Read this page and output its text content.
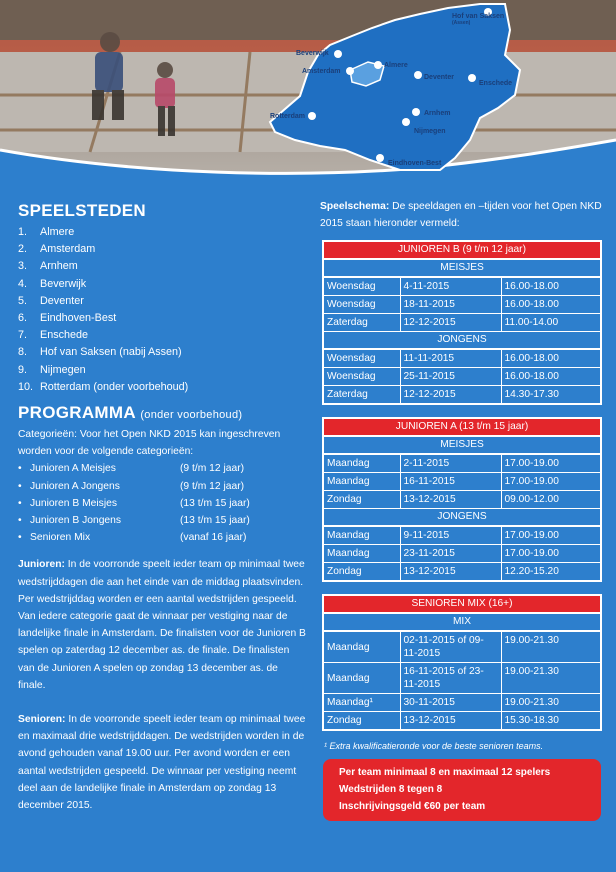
Hof van Saksen
(Assen)
Beverwijk
Almere
Amsterdam
Deventer
Enschede
Rotterdam	Arnhem
Nijmegen
Eindhoven-Best
SPEELSTEDEN
1.	Almere
2.	Amsterdam
3.	Arnhem
4.	Beverwijk
5.	Deventer
6.	Eindhoven-Best
7.	Enschede
8.	Hof van Saksen (nabij Assen)
9.	Nijmegen
10. Rotterdam (onder voorbehoud)
PROGRAMMA (onder voorbehoud)
Categorieën: Voor het Open NKD 2015 kan ingeschreven worden voor de volgende categorieën:
• Junioren A Meisjes	(9 t/m 12 jaar)
• Junioren A Jongens	(9 t/m 12 jaar)
• Junioren B Meisjes	(13 t/m 15 jaar)
• Junioren B Jongens	(13 t/m 15 jaar)
• Senioren Mix	(vanaf 16 jaar)

Junioren: In de voorronde speelt ieder team op minimaal twee wedstrijddagen die aan het einde van de middag plaatsvinden. Per wedstrijddag worden er een aantal wedstrijden gespeeld. Van iedere categorie gaat de winnaar per vestiging naar de landelijke finale in Amsterdam. De finalisten voor de Junioren B spelen op zaterdag 12 december as. de finale. De finalisten van de Junioren A spelen op zondag 13 december as. de finale.

Senioren: In de voorronde speelt ieder team op minimaal twee en maximaal drie wedstrijddagen. De wedstrijden worden in de avond gehouden vanaf 19.00 uur. Per avond worden er een aantal wedstrijden gespeeld. De winnaar per vestiging neemt deel aan de landelijke finale in Amsterdam op zondag 13 december 2015.

Speelschema: De speeldagen en –tijden voor het Open NKD 2015 staan hieronder vermeld:

JUNIOREN B (9 t/m 12 jaar)
MEISJES
Woensdag	4-11-2015	16.00-18.00
Woensdag	18-11-2015	16.00-18.00
Zaterdag	12-12-2015	11.00-14.00
JONGENS
Woensdag	11-11-2015	16.00-18.00
Woensdag	25-11-2015	16.00-18.00
Zaterdag	12-12-2015	14.30-17.30
JUNIOREN A (13 t/m 15 jaar)
MEISJES
Maandag	2-11-2015	17.00-19.00
Maandag	16-11-2015	17.00-19.00
Zondag	13-12-2015	09.00-12.00
JONGENS
Maandag	9-11-2015	17.00-19.00
Maandag	23-11-2015	17.00-19.00
Zondag	13-12-2015	12.20-15.20
SENIOREN MIX (16+)
MIX
Maandag	02-11-2015 of 09-11-2015	19.00-21.30
Maandag	16-11-2015 of 23-11-2015	19.00-21.30
Maandag¹	30-11-2015	19.00-21.30
Zondag	13-12-2015	15.30-18.30

¹ Extra kwalificatieronde voor de beste senioren teams.

Per team minimaal 8 en maximaal 12 spelers
Wedstrijden 8 tegen 8
Inschrijvingsgeld €60 per team
